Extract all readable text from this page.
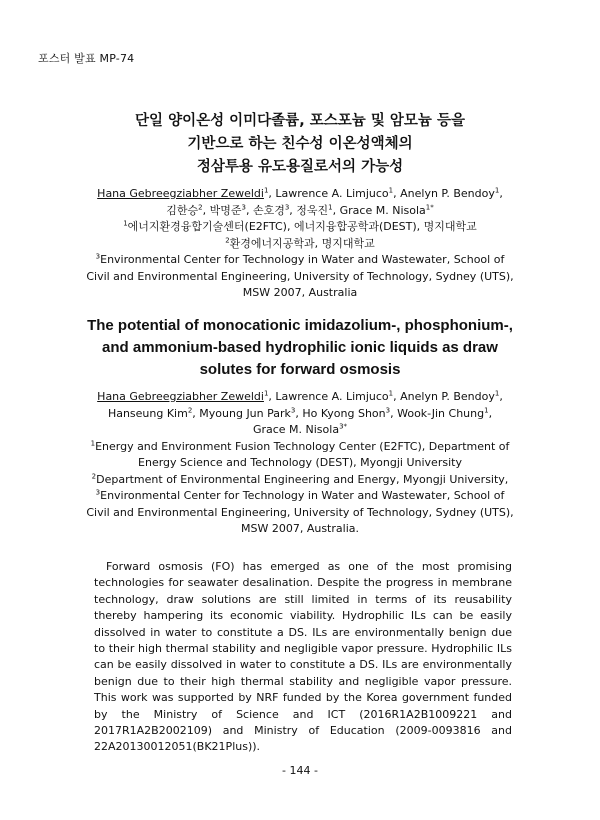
포스터 발표 MP-74
단일 양이온성 이미다졸륨, 포스포늄 및 암모늄 등을
기반으로 하는 친수성 이온성액체의
정삼투용 유도용질로서의 가능성
Hana Gebreegziabher Zeweldi$^1$, Lawrence A. Limjuco$^1$, Anelyn P. Bendoy$^1$,
김한승$^2$, 박명준$^3$, 손호경$^3$, 정욱진$^1$, Grace M. Nisola$^{1*}$
$^1$에너지환경융합기술센터(E2FTC), 에너지융합공학과(DEST), 명지대학교
$^2$환경에너지공학과, 명지대학교
$^3$Environmental Center for Technology in Water and Wastewater, School of
Civil and Environmental Engineering, University of Technology, Sydney (UTS),
MSW 2007, Australia
The potential of monocationic imidazolium-, phosphonium-,
and ammonium-based hydrophilic ionic liquids as draw
solutes for forward osmosis
Hana Gebreegziabher Zeweldi$^1$, Lawrence A. Limjuco$^1$, Anelyn P. Bendoy$^1$,
Hanseung Kim$^2$, Myoung Jun Park$^3$, Ho Kyong Shon$^3$, Wook-Jin Chung$^1$,
Grace M. Nisola$^{3*}$
$^1$Energy and Environment Fusion Technology Center (E2FTC), Department of
Energy Science and Technology (DEST), Myongji University
$^2$Department of Environmental Engineering and Energy, Myongji University,
$^3$Environmental Center for Technology in Water and Wastewater, School of
Civil and Environmental Engineering, University of Technology, Sydney (UTS),
MSW 2007, Australia.

Forward osmosis (FO) has emerged as one of the most promising technologies for seawater desalination. Despite the progress in membrane technology, draw solutions are still limited in terms of its reusability thereby hampering its economic viability. Hydrophilic ILs can be easily dissolved in water to constitute a DS. ILs are environmentally benign due to their high thermal stability and negligible vapor pressure. Hydrophilic ILs can be easily dissolved in water to constitute a DS. ILs are environmentally benign due to their high thermal stability and negligible vapor pressure. This work was supported by NRF funded by the Korea government funded by the Ministry of Science and ICT (2016R1A2B1009221 and 2017R1A2B2002109) and Ministry of Education (2009-0093816 and 22A20130012051(BK21Plus)).

- 144 -
